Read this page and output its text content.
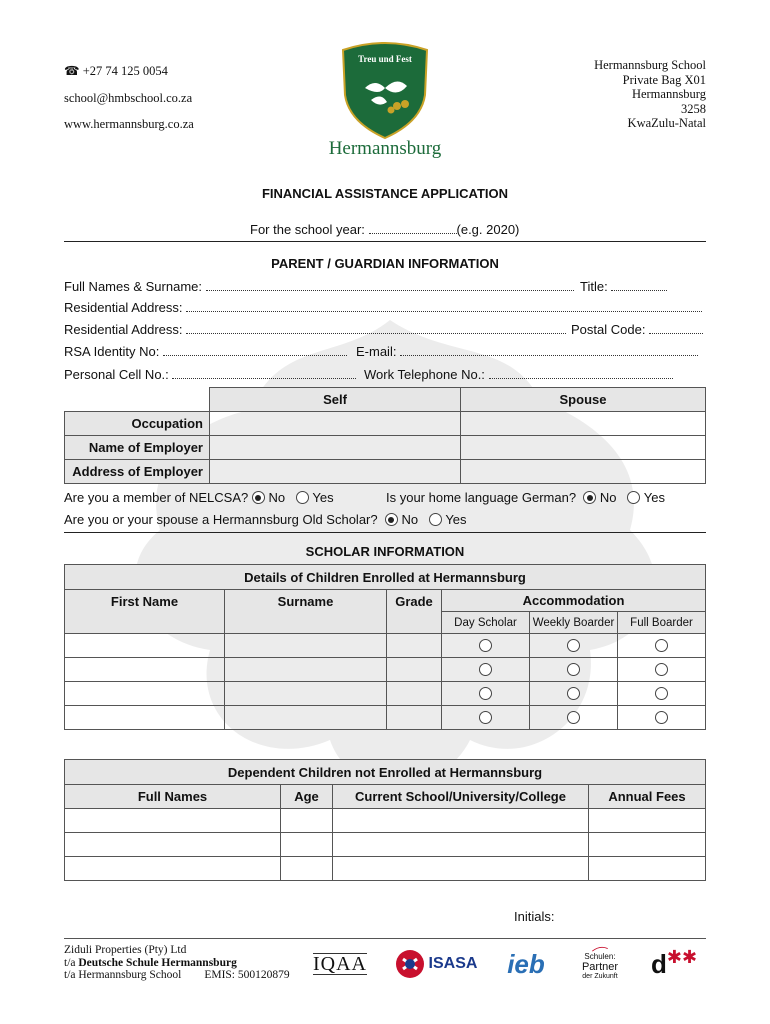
☎ +27 74 125 0054
school@hmbschool.co.za
www.hermannsburg.co.za
Treu und Fest
Hermannsburg
Hermannsburg School
Private Bag X01
Hermannsburg
3258
KwaZulu-Natal
FINANCIAL ASSISTANCE APPLICATION
For the school year:	(e.g. 2020)
PARENT / GUARDIAN INFORMATION
Full Names & Surname:	Title:
Residential Address:
Residential Address:	Postal Code:
RSA Identity No:	E-mail:
Personal Cell No.:	Work Telephone No.:
	Self	Spouse
Occupation		
Name of Employer		
Address of Employer		
Are you a member of NELCSA? No Yes	Is your home language German? No Yes
Are you or your spouse a Hermannsburg Old Scholar? No Yes
SCHOLAR INFORMATION
Details of Children Enrolled at Hermannsburg					
First Name	Surname	Grade	Accommodation		
			Day Scholar	Weekly Boarder	Full Boarder

Dependent Children not Enrolled at Hermannsburg			
Full Names	Age	Current School/University/College	Annual Fees

Initials:
Ziduli Properties (Pty) Ltd
t/a Deutsche Schule Hermannsburg
t/a Hermannsburg School EMIS: 500120879 IQAA	ISASA ieb	Schulen:
Partner
der Zukunft d ✱✱
